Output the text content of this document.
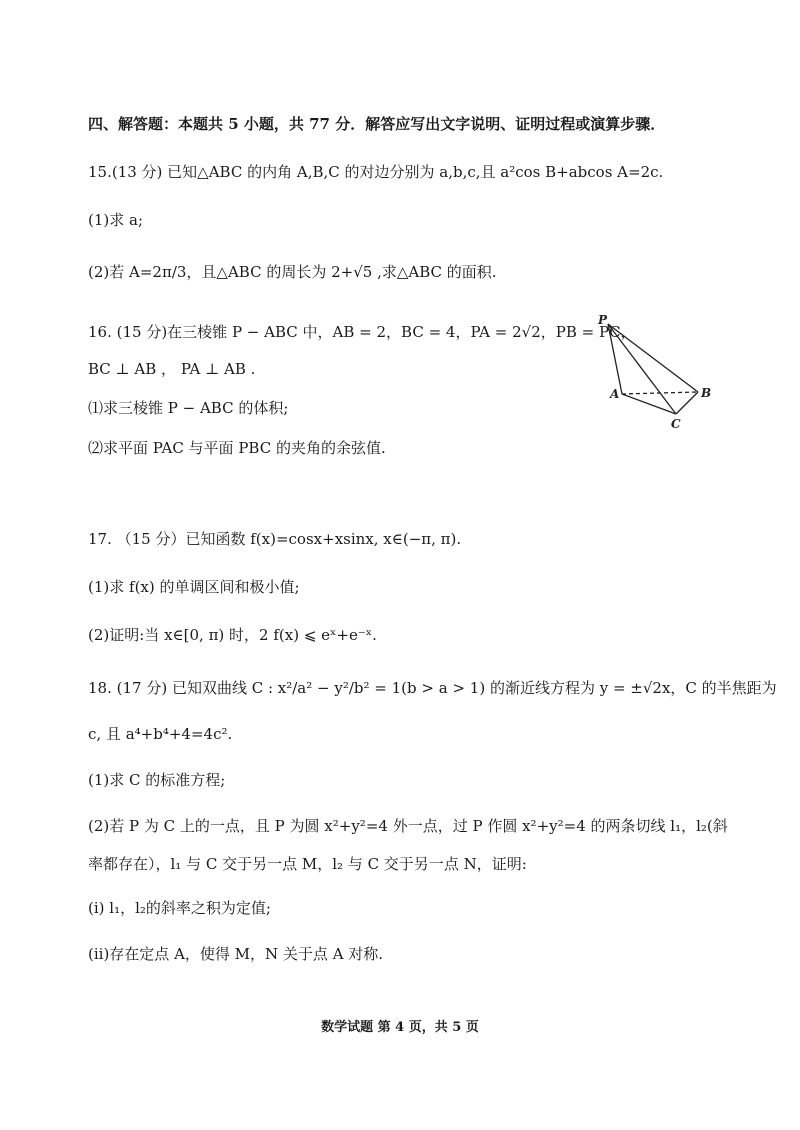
四、解答题：本题共 5 小题，共 77 分．解答应写出文字说明、证明过程或演算步骤．
15.(13 分) 已知△ABC 的内角 A,B,C 的对边分别为 a,b,c,且 a²cos B+abcos A=2c.
(1)求 a;
(2)若 A=2π/3，且△ABC 的周长为 2+√5 ,求△ABC 的面积.
16. (15 分)在三棱锥 P − ABC 中，AB = 2，BC = 4，PA = 2√2，PB = PC，
BC ⊥ AB ， PA ⊥ AB .
⑴求三棱锥 P − ABC 的体积;
⑵求平面 PAC 与平面 PBC 的夹角的余弦值.
P
A	B
C
17. （15 分）已知函数 f(x)=cosx+xsinx, x∈(−π, π).
(1)求 f(x) 的单调区间和极小值;
(2)证明:当 x∈[0, π) 时，2 f(x) ⩽ eˣ+e⁻ˣ.
18. (17 分) 已知双曲线 C : x²/a² − y²/b² = 1(b > a > 1) 的渐近线方程为 y = ±√2x，C 的半焦距为
c, 且 a⁴+b⁴+4=4c².
(1)求 C 的标准方程;
(2)若 P 为 C 上的一点，且 P 为圆 x²+y²=4 外一点，过 P 作圆 x²+y²=4 的两条切线 l₁，l₂(斜
率都存在），l₁ 与 C 交于另一点 M，l₂ 与 C 交于另一点 N，证明:
(i) l₁，l₂的斜率之积为定值;
(ii)存在定点 A，使得 M，N 关于点 A 对称.
数学试题 第 4 页，共 5 页
